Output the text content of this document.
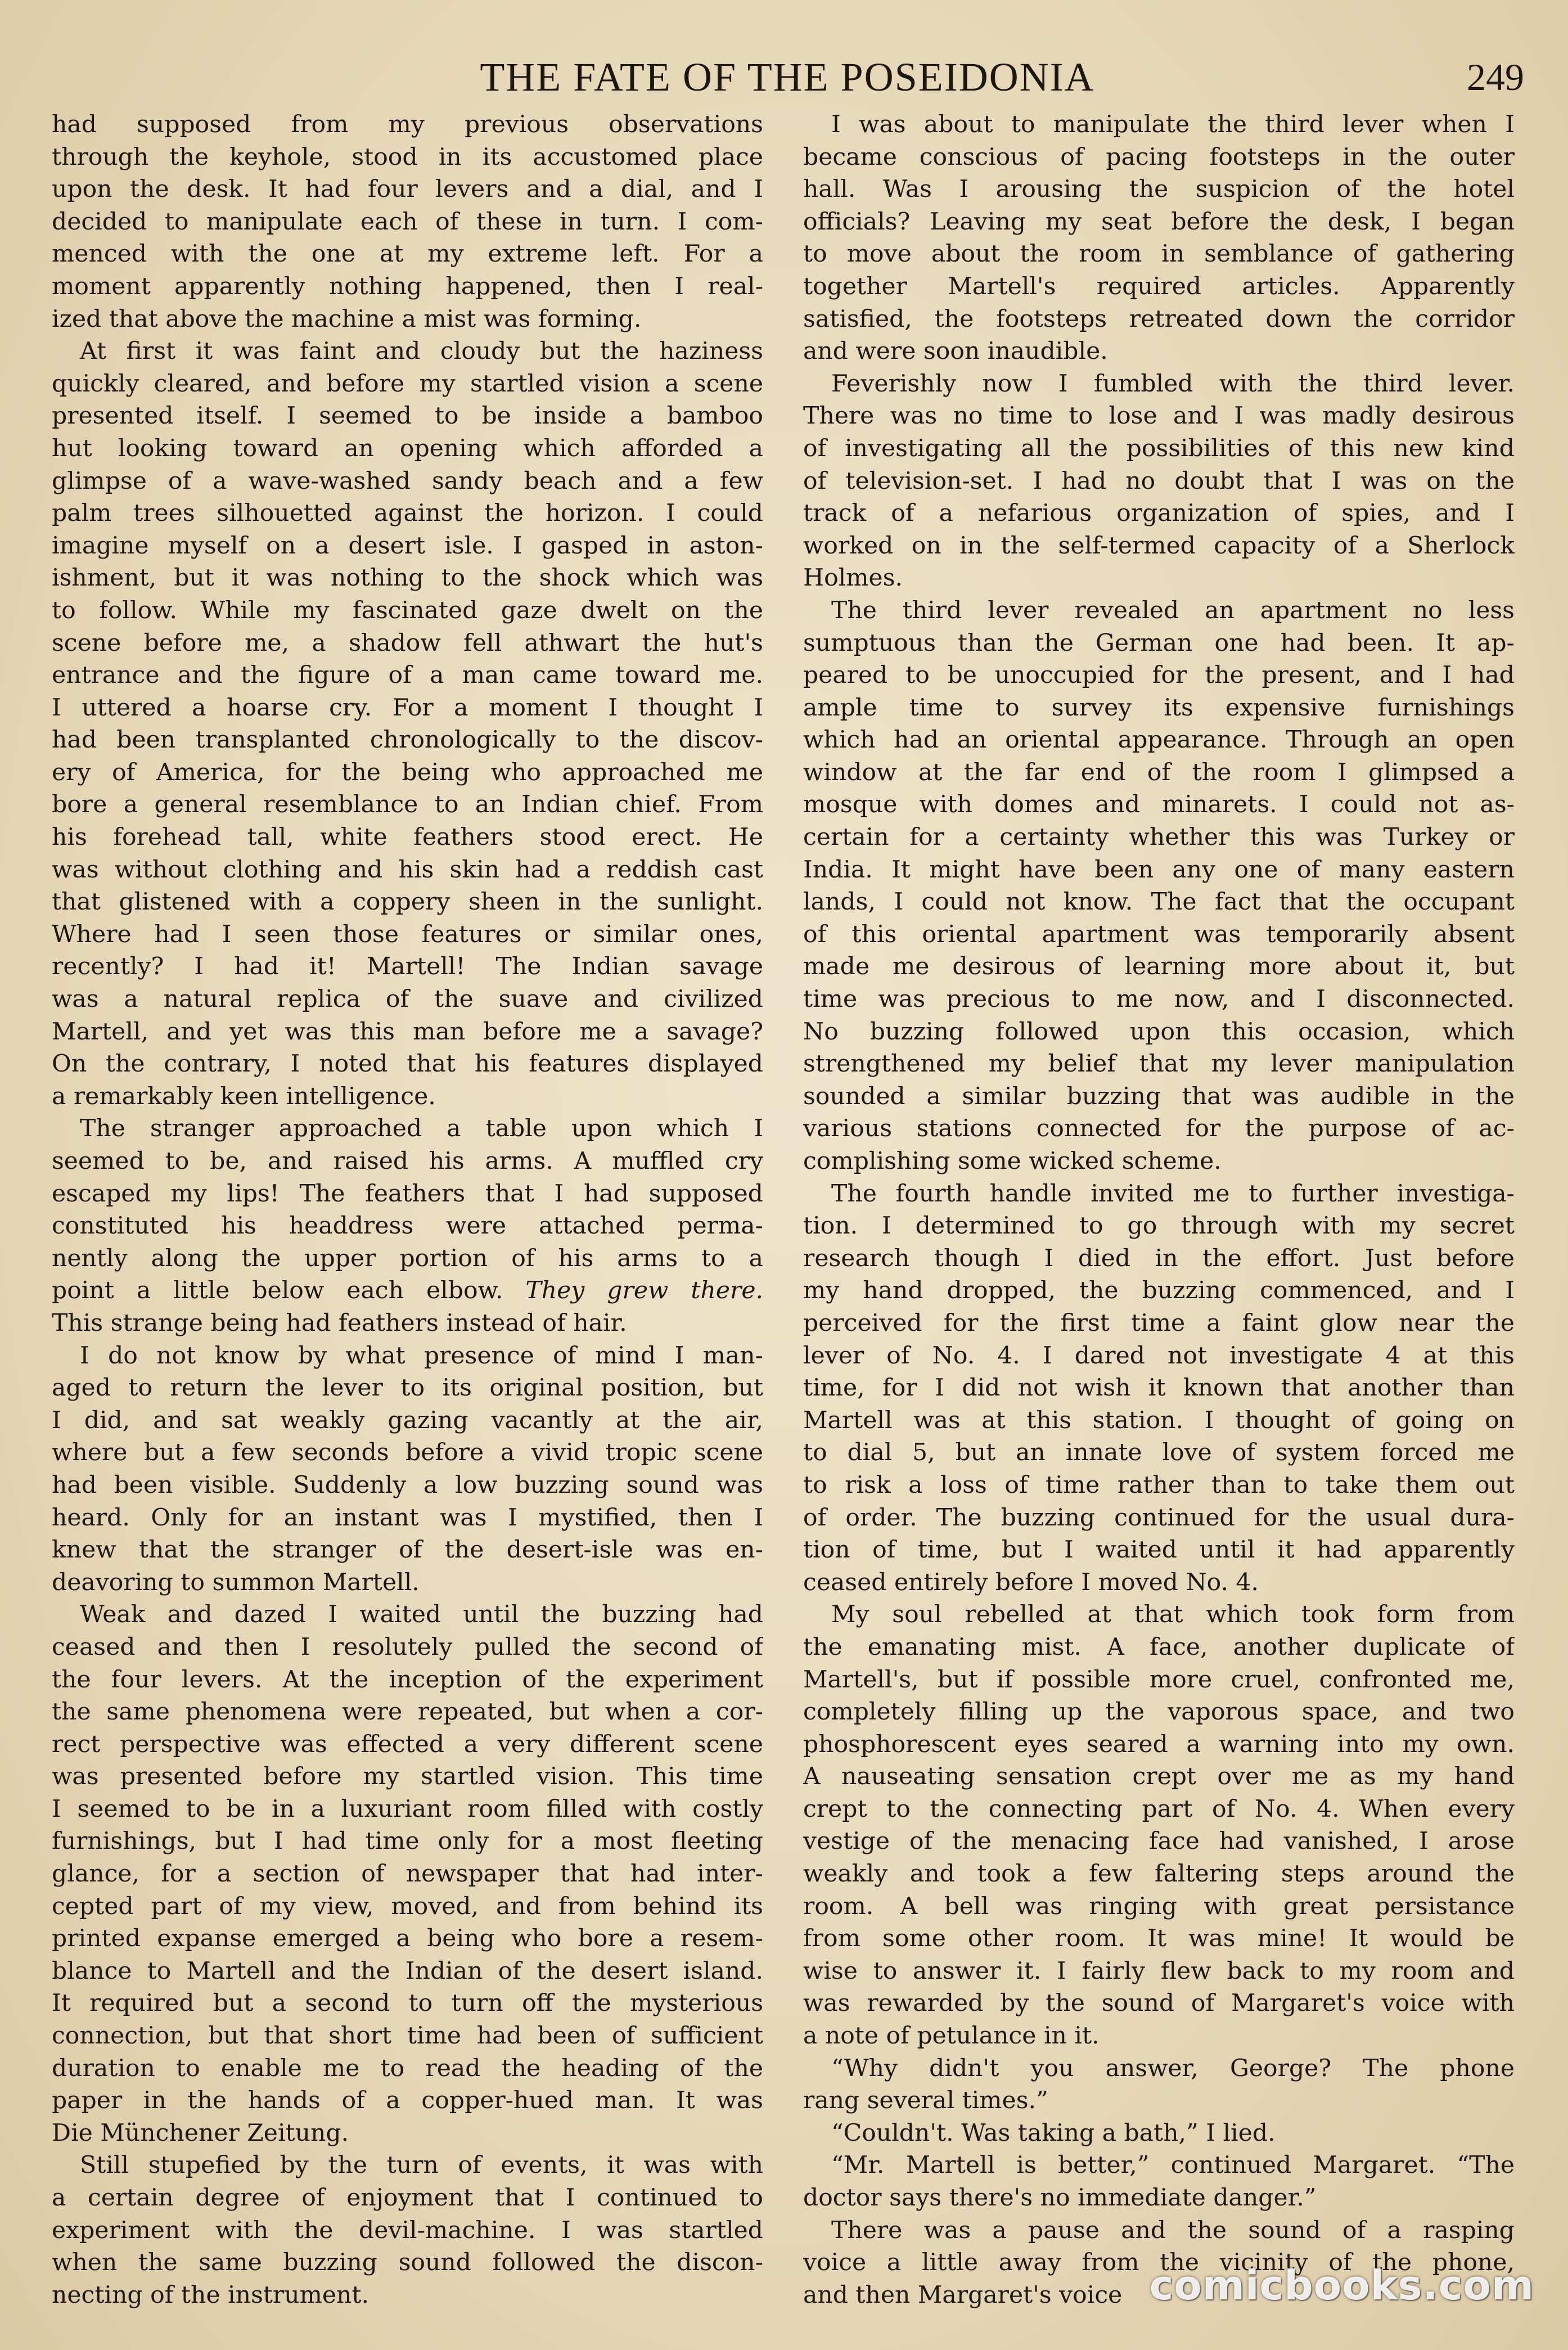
THE FATE OF THE POSEIDONIA	249
had supposed from my previous observations
through the keyhole, stood in its accustomed place
upon the desk. It had four levers and a dial, and I
decided to manipulate each of these in turn. I com-
menced with the one at my extreme left. For a
moment apparently nothing happened, then I real-
ized that above the machine a mist was forming.
At first it was faint and cloudy but the haziness
quickly cleared, and before my startled vision a scene
presented itself. I seemed to be inside a bamboo
hut looking toward an opening which afforded a
glimpse of a wave-washed sandy beach and a few
palm trees silhouetted against the horizon. I could
imagine myself on a desert isle. I gasped in aston-
ishment, but it was nothing to the shock which was
to follow. While my fascinated gaze dwelt on the
scene before me, a shadow fell athwart the hut's
entrance and the figure of a man came toward me.
I uttered a hoarse cry. For a moment I thought I
had been transplanted chronologically to the discov-
ery of America, for the being who approached me
bore a general resemblance to an Indian chief. From
his forehead tall, white feathers stood erect. He
was without clothing and his skin had a reddish cast
that glistened with a coppery sheen in the sunlight.
Where had I seen those features or similar ones,
recently? I had it! Martell! The Indian savage
was a natural replica of the suave and civilized
Martell, and yet was this man before me a savage?
On the contrary, I noted that his features displayed
a remarkably keen intelligence.
The stranger approached a table upon which I
seemed to be, and raised his arms. A muffled cry
escaped my lips! The feathers that I had supposed
constituted his headdress were attached perma-
nently along the upper portion of his arms to a
point a little below each elbow. They grew there.
This strange being had feathers instead of hair.
I do not know by what presence of mind I man-
aged to return the lever to its original position, but
I did, and sat weakly gazing vacantly at the air,
where but a few seconds before a vivid tropic scene
had been visible. Suddenly a low buzzing sound was
heard. Only for an instant was I mystified, then I
knew that the stranger of the desert-isle was en-
deavoring to summon Martell.
Weak and dazed I waited until the buzzing had
ceased and then I resolutely pulled the second of
the four levers. At the inception of the experiment
the same phenomena were repeated, but when a cor-
rect perspective was effected a very different scene
was presented before my startled vision. This time
I seemed to be in a luxuriant room filled with costly
furnishings, but I had time only for a most fleeting
glance, for a section of newspaper that had inter-
cepted part of my view, moved, and from behind its
printed expanse emerged a being who bore a resem-
blance to Martell and the Indian of the desert island.
It required but a second to turn off the mysterious
connection, but that short time had been of sufficient
duration to enable me to read the heading of the
paper in the hands of a copper-hued man. It was
Die Münchener Zeitung.
Still stupefied by the turn of events, it was with
a certain degree of enjoyment that I continued to
experiment with the devil-machine. I was startled
when the same buzzing sound followed the discon-
necting of the instrument.
I was about to manipulate the third lever when I
became conscious of pacing footsteps in the outer
hall. Was I arousing the suspicion of the hotel
officials? Leaving my seat before the desk, I began
to move about the room in semblance of gathering
together Martell's required articles. Apparently
satisfied, the footsteps retreated down the corridor
and were soon inaudible.
Feverishly now I fumbled with the third lever.
There was no time to lose and I was madly desirous
of investigating all the possibilities of this new kind
of television-set. I had no doubt that I was on the
track of a nefarious organization of spies, and I
worked on in the self-termed capacity of a Sherlock
Holmes.
The third lever revealed an apartment no less
sumptuous than the German one had been. It ap-
peared to be unoccupied for the present, and I had
ample time to survey its expensive furnishings
which had an oriental appearance. Through an open
window at the far end of the room I glimpsed a
mosque with domes and minarets. I could not as-
certain for a certainty whether this was Turkey or
India. It might have been any one of many eastern
lands, I could not know. The fact that the occupant
of this oriental apartment was temporarily absent
made me desirous of learning more about it, but
time was precious to me now, and I disconnected.
No buzzing followed upon this occasion, which
strengthened my belief that my lever manipulation
sounded a similar buzzing that was audible in the
various stations connected for the purpose of ac-
complishing some wicked scheme.
The fourth handle invited me to further investiga-
tion. I determined to go through with my secret
research though I died in the effort. Just before
my hand dropped, the buzzing commenced, and I
perceived for the first time a faint glow near the
lever of No. 4. I dared not investigate 4 at this
time, for I did not wish it known that another than
Martell was at this station. I thought of going on
to dial 5, but an innate love of system forced me
to risk a loss of time rather than to take them out
of order. The buzzing continued for the usual dura-
tion of time, but I waited until it had apparently
ceased entirely before I moved No. 4.
My soul rebelled at that which took form from
the emanating mist. A face, another duplicate of
Martell's, but if possible more cruel, confronted me,
completely filling up the vaporous space, and two
phosphorescent eyes seared a warning into my own.
A nauseating sensation crept over me as my hand
crept to the connecting part of No. 4. When every
vestige of the menacing face had vanished, I arose
weakly and took a few faltering steps around the
room. A bell was ringing with great persistance
from some other room. It was mine! It would be
wise to answer it. I fairly flew back to my room and
was rewarded by the sound of Margaret's voice with
a note of petulance in it.
“Why didn't you answer, George? The phone
rang several times.”
“Couldn't. Was taking a bath,” I lied.
“Mr. Martell is better,” continued Margaret. “The
doctor says there's no immediate danger.”
There was a pause and the sound of a rasping
voice a little away from the vicinity of the phone,
and then Margaret's voice comicbooks.com
